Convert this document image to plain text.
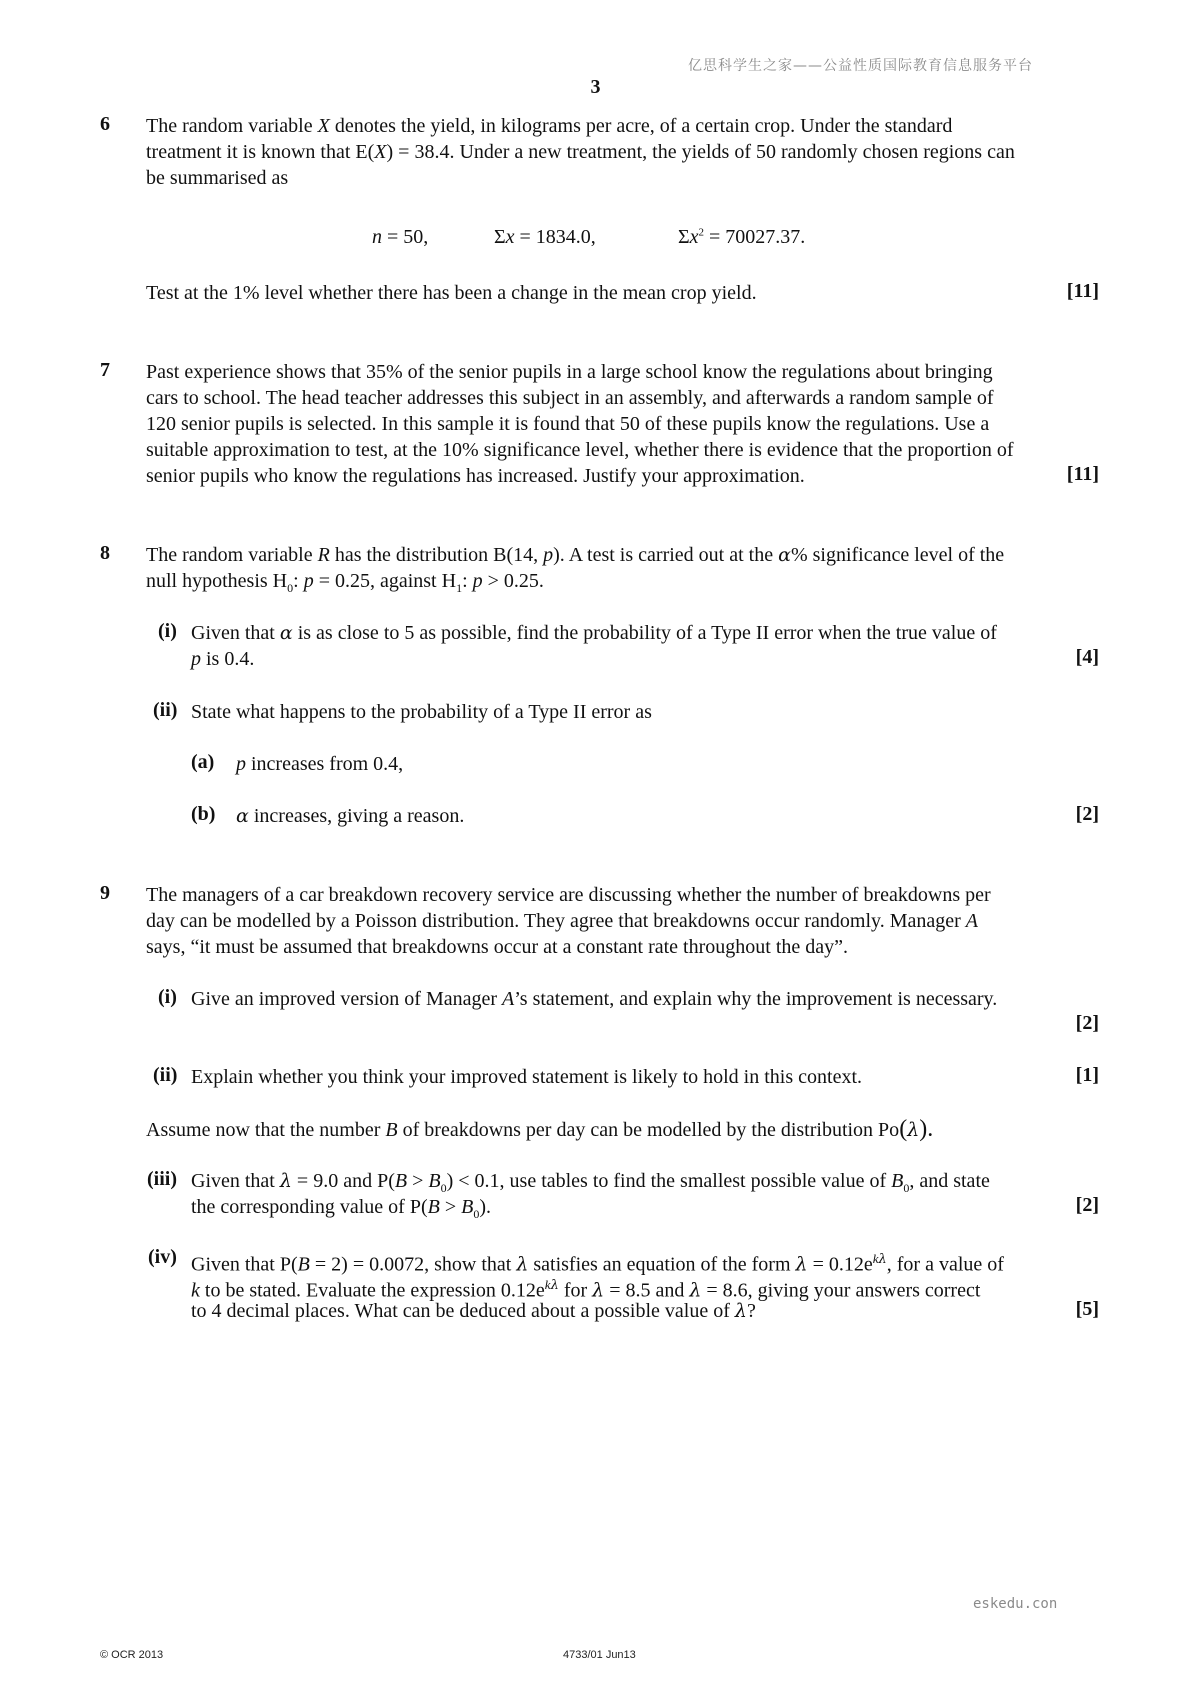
亿思科学生之家——公益性质国际教育信息服务平台
3
6 The random variable X denotes the yield, in kilograms per acre, of a certain crop. Under the standard
treatment it is known that E(X) = 38.4. Under a new treatment, the yields of 50 randomly chosen regions can
be summarised as
n = 50,	Σx = 1834.0,	$\Sigma x^2 = 70027.37$.
Test at the 1% level whether there has been a change in the mean crop yield.	[11]
7 Past experience shows that 35% of the senior pupils in a large school know the regulations about bringing
cars to school. The head teacher addresses this subject in an assembly, and afterwards a random sample of
120 senior pupils is selected. In this sample it is found that 50 of these pupils know the regulations. Use a
suitable approximation to test, at the 10% significance level, whether there is evidence that the proportion of
senior pupils who know the regulations has increased. Justify your approximation.	[11]
8 The random variable R has the distribution B(14, p). A test is carried out at the α% significance level of the
null hypothesis $H_0$: p = 0.25, against $H_1$: p > 0.25.
(i) Given that α is as close to 5 as possible, find the probability of a Type II error when the true value of
p is 0.4.	[4]
(ii) State what happens to the probability of a Type II error as
(a) p increases from 0.4,
(b) α increases, giving a reason.	[2]
9 The managers of a car breakdown recovery service are discussing whether the number of breakdowns per
day can be modelled by a Poisson distribution. They agree that breakdowns occur randomly. Manager A
says, “it must be assumed that breakdowns occur at a constant rate throughout the day”.
(i) Give an improved version of Manager A’s statement, and explain why the improvement is necessary.
[2]
(ii) Explain whether you think your improved statement is likely to hold in this context.	[1]
Assume now that the number B of breakdowns per day can be modelled by the distribution Po(λ).
(iii) Given that λ = 9.0 and $P(B > B_0) < 0.1$, use tables to find the smallest possible value of $B_0$, and state
the corresponding value of $P(B > B_0)$.	[2]
(iv) Given that P(B = 2) = 0.0072, show that λ satisfies an equation of the form $\lambda = 0.12e^{k\lambda}$, for a value of
k to be stated. Evaluate the expression $0.12e^{k\lambda}$ for λ = 8.5 and λ = 8.6, giving your answers correct
to 4 decimal places. What can be deduced about a possible value of λ?	[5]
eskedu.con
© OCR 2013	4733/01 Jun13
